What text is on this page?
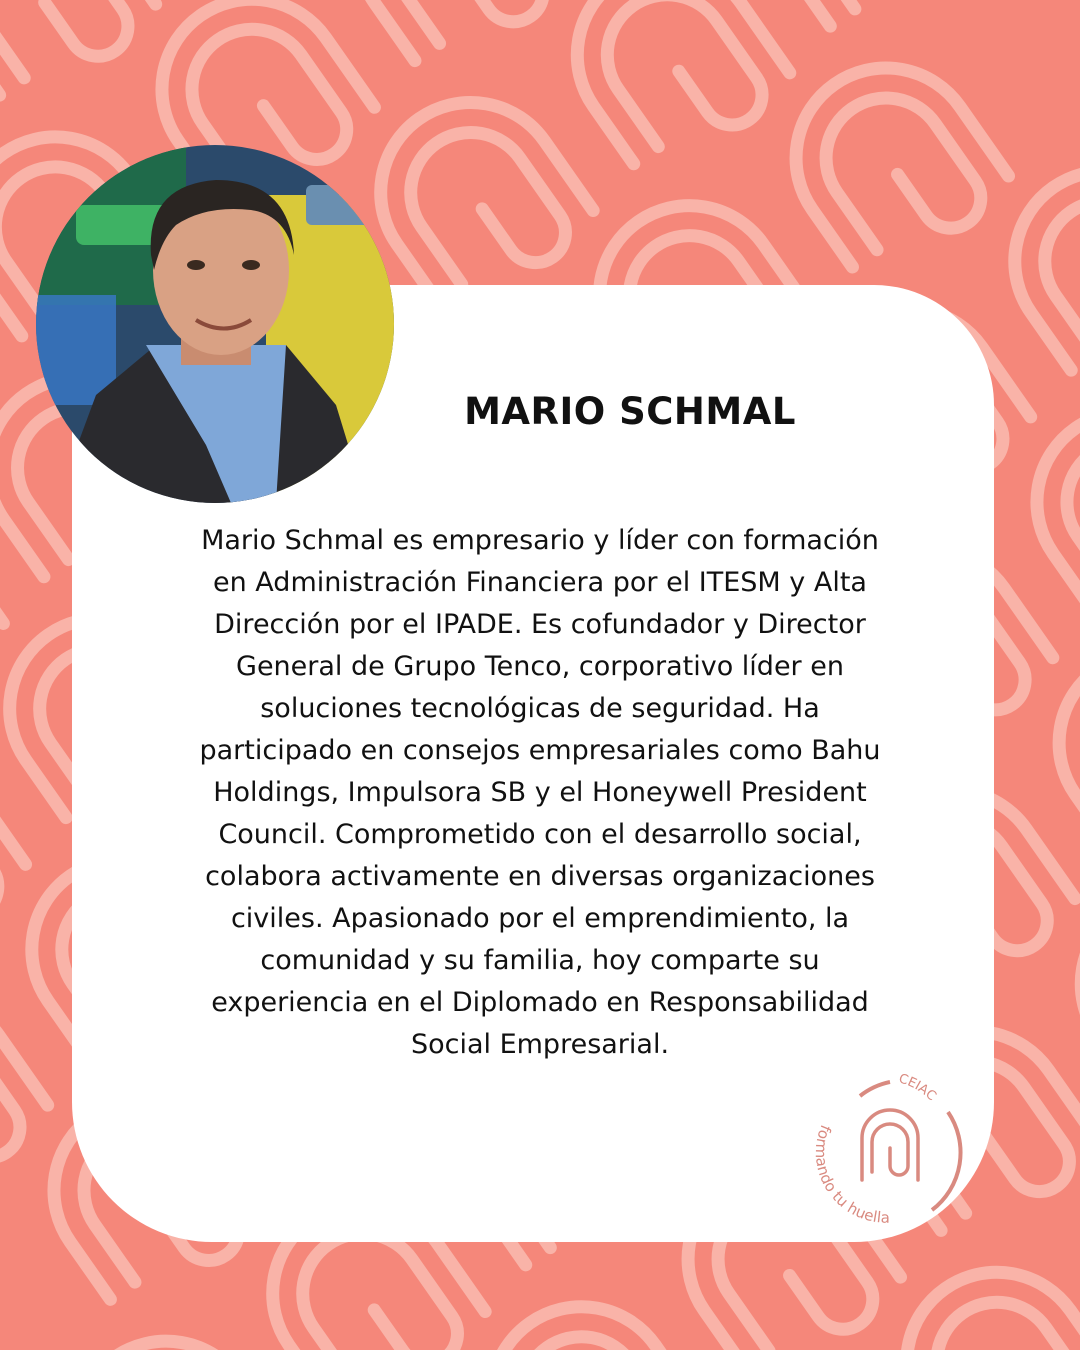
MARIO SCHMAL

Mario Schmal es empresario y líder con formación en Administración Financiera por el ITESM y Alta Dirección por el IPADE. Es cofundador y Director General de Grupo Tenco, corporativo líder en soluciones tecnológicas de seguridad. Ha participado en consejos empresariales como Bahu Holdings, Impulsora SB y el Honeywell President Council. Comprometido con el desarrollo social, colabora activamente en diversas organizaciones civiles. Apasionado por el emprendimiento, la comunidad y su familia, hoy comparte su experiencia en el Diplomado en Responsabilidad Social Empresarial.

formando tu huella
CEIAC
